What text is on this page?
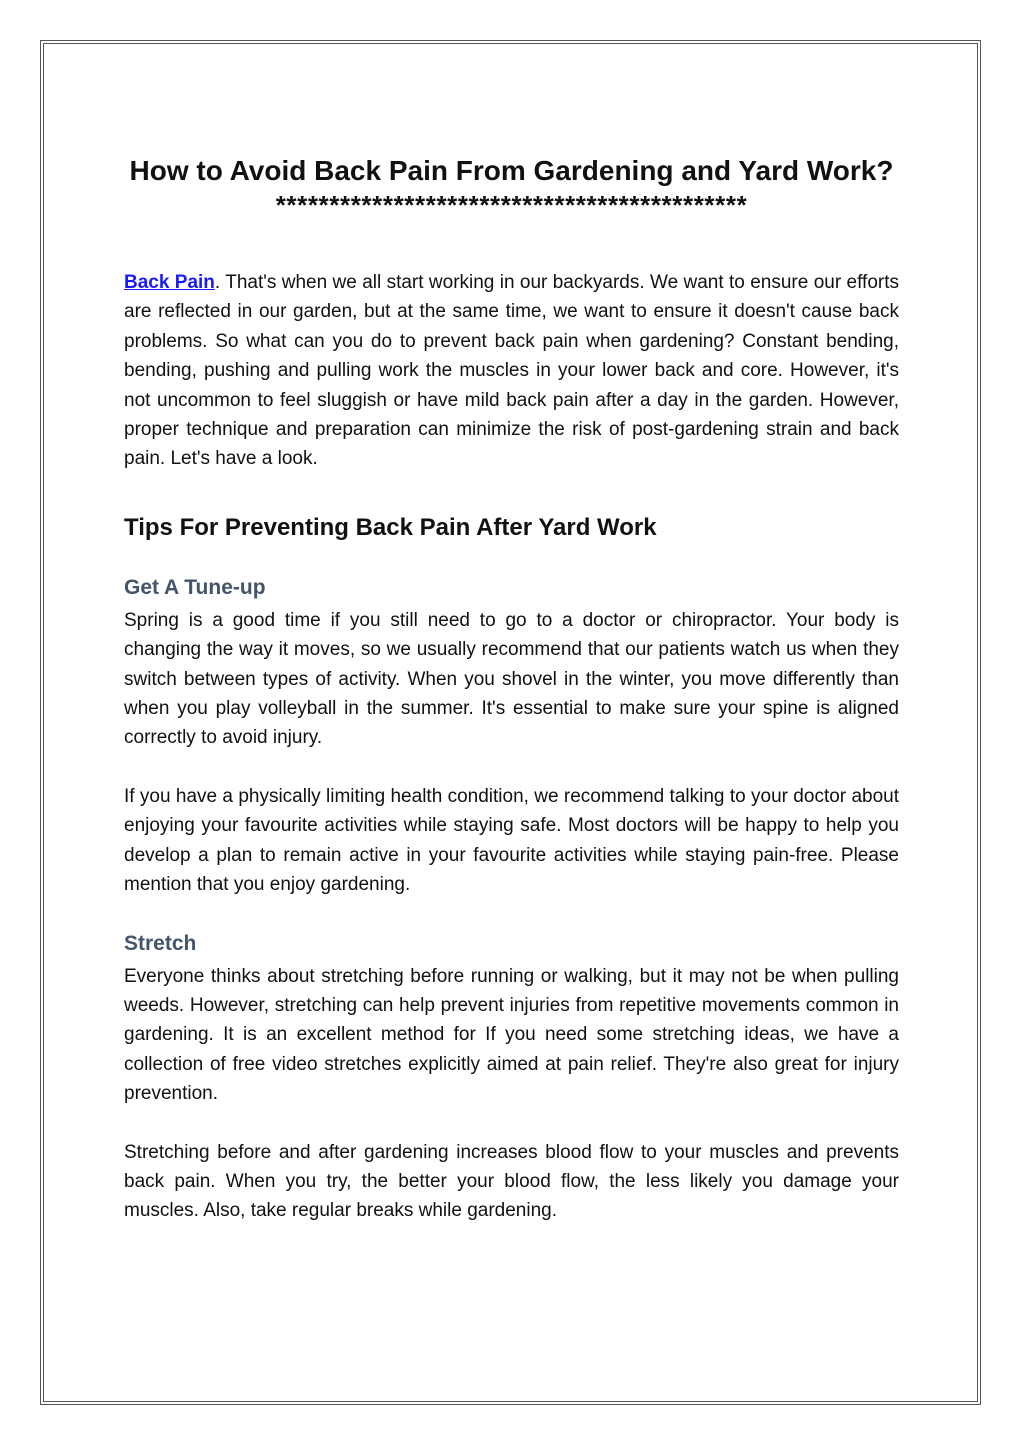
How to Avoid Back Pain From Gardening and Yard Work?
********************************************

Back Pain. That's when we all start working in our backyards. We want to ensure our efforts are reflected in our garden, but at the same time, we want to ensure it doesn't cause back problems. So what can you do to prevent back pain when gardening? Constant bending, bending, pushing and pulling work the muscles in your lower back and core. However, it's not uncommon to feel sluggish or have mild back pain after a day in the garden. However, proper technique and preparation can minimize the risk of post-gardening strain and back pain. Let's have a look.

Tips For Preventing Back Pain After Yard Work
Get A Tune-up

Spring is a good time if you still need to go to a doctor or chiropractor. Your body is changing the way it moves, so we usually recommend that our patients watch us when they switch between types of activity. When you shovel in the winter, you move differently than when you play volleyball in the summer. It's essential to make sure your spine is aligned correctly to avoid injury.

If you have a physically limiting health condition, we recommend talking to your doctor about enjoying your favourite activities while staying safe. Most doctors will be happy to help you develop a plan to remain active in your favourite activities while staying pain-free. Please mention that you enjoy gardening.

Stretch

Everyone thinks about stretching before running or walking, but it may not be when pulling weeds. However, stretching can help prevent injuries from repetitive movements common in gardening. It is an excellent method for If you need some stretching ideas, we have a collection of free video stretches explicitly aimed at pain relief. They're also great for injury prevention.

Stretching before and after gardening increases blood flow to your muscles and prevents back pain. When you try, the better your blood flow, the less likely you damage your muscles. Also, take regular breaks while gardening.
